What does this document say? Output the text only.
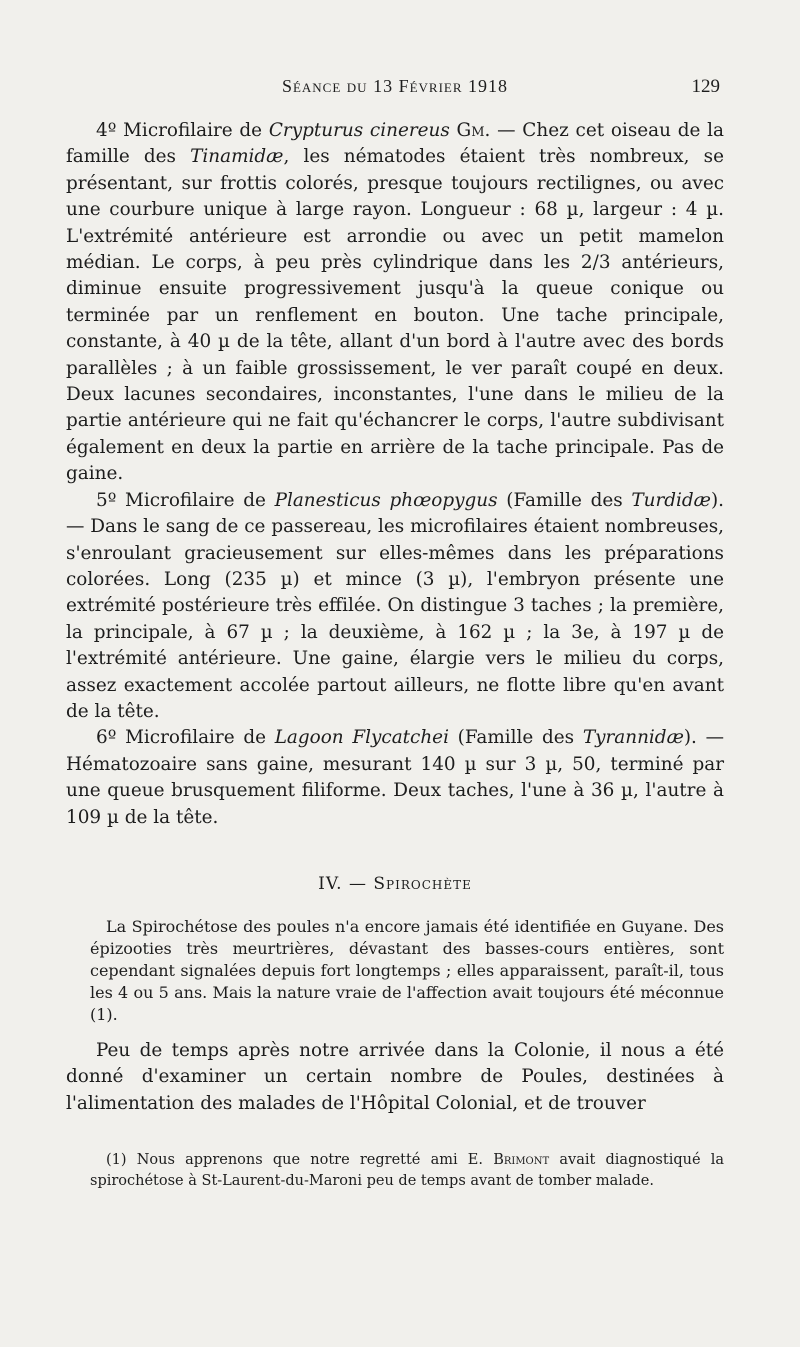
Séance du 13 Février 1918	129

4º Microfilaire de Crypturus cinereus Gm. — Chez cet oiseau de la famille des Tinamidæ, les nématodes étaient très nombreux, se présentant, sur frottis colorés, presque toujours rectilignes, ou avec une courbure unique à large rayon. Longueur : 68 µ, largeur : 4 µ. L'extrémité antérieure est arrondie ou avec un petit mamelon médian. Le corps, à peu près cylindrique dans les 2/3 antérieurs, diminue ensuite progressivement jusqu'à la queue conique ou terminée par un renflement en bouton. Une tache principale, constante, à 40 µ de la tête, allant d'un bord à l'autre avec des bords parallèles ; à un faible grossissement, le ver paraît coupé en deux. Deux lacunes secondaires, inconstantes, l'une dans le milieu de la partie antérieure qui ne fait qu'échancrer le corps, l'autre subdivisant également en deux la partie en arrière de la tache principale. Pas de gaine.

5º Microfilaire de Planesticus phœopygus (Famille des Turdidæ). — Dans le sang de ce passereau, les microfilaires étaient nombreuses, s'enroulant gracieusement sur elles-mêmes dans les préparations colorées. Long (235 µ) et mince (3 µ), l'embryon présente une extrémité postérieure très effilée. On distingue 3 taches ; la première, la principale, à 67 µ ; la deuxième, à 162 µ ; la 3e, à 197 µ de l'extrémité antérieure. Une gaine, élargie vers le milieu du corps, assez exactement accolée partout ailleurs, ne flotte libre qu'en avant de la tête.

6º Microfilaire de Lagoon Flycatchei (Famille des Tyrannidæ). — Hématozoaire sans gaine, mesurant 140 µ sur 3 µ, 50, terminé par une queue brusquement filiforme. Deux taches, l'une à 36 µ, l'autre à 109 µ de la tête.

IV. — Spirochète

La Spirochétose des poules n'a encore jamais été identifiée en Guyane. Des épizooties très meurtrières, dévastant des basses-cours entières, sont cependant signalées depuis fort longtemps ; elles apparaissent, paraît-il, tous les 4 ou 5 ans. Mais la nature vraie de l'affection avait toujours été méconnue (1).

Peu de temps après notre arrivée dans la Colonie, il nous a été donné d'examiner un certain nombre de Poules, destinées à l'alimentation des malades de l'Hôpital Colonial, et de trouver

(1) Nous apprenons que notre regretté ami E. Brimont avait diagnostiqué la spirochétose à St-Laurent-du-Maroni peu de temps avant de tomber malade.
